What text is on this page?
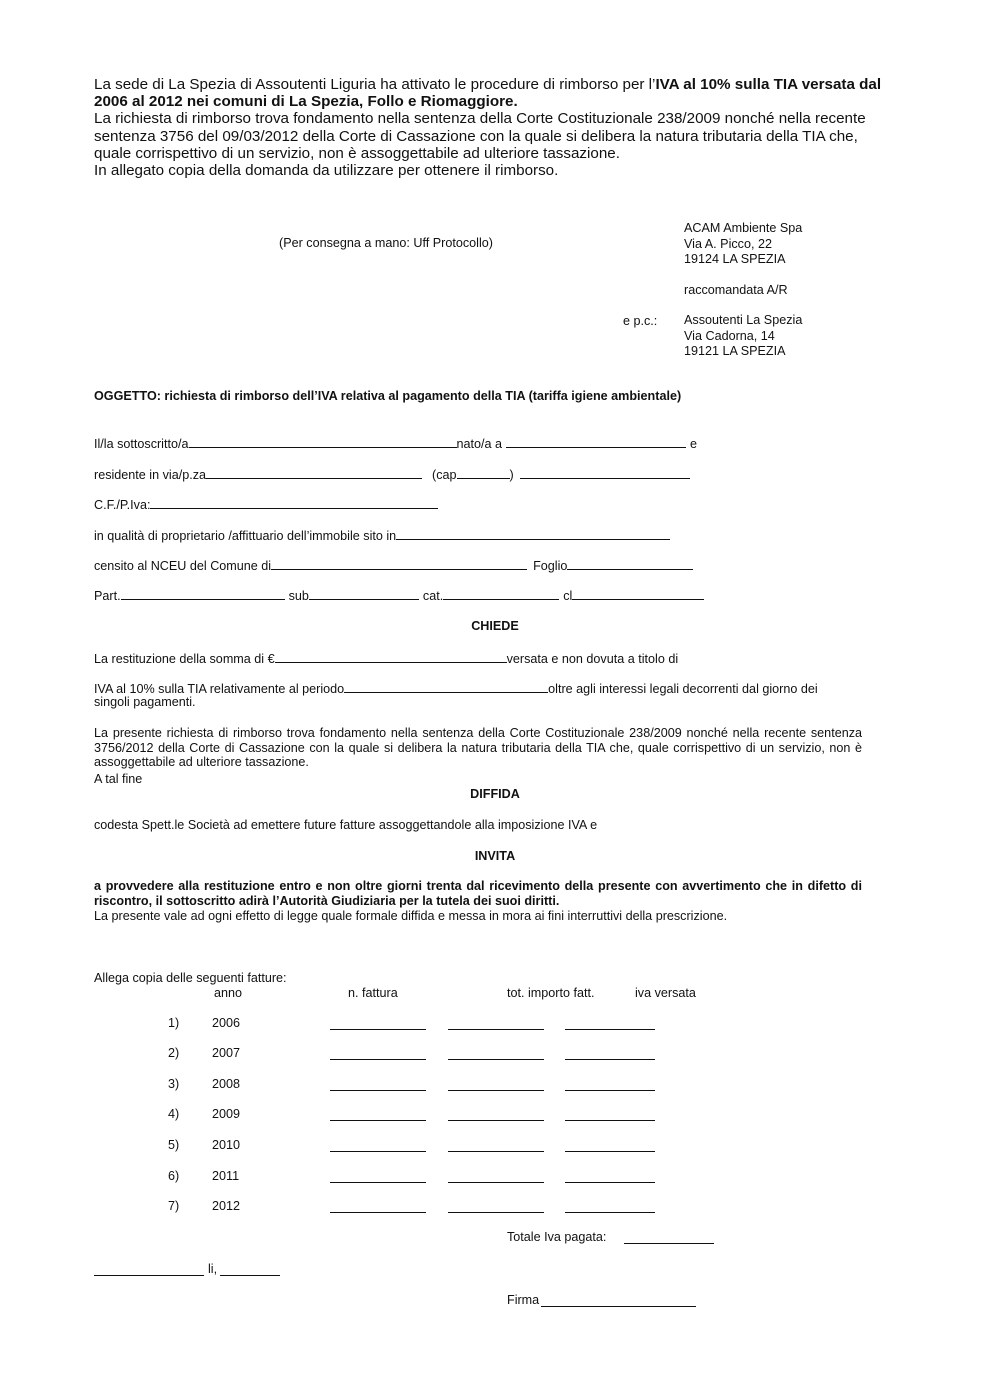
La sede di La Spezia di Assoutenti Liguria ha attivato le procedure di rimborso per l’IVA al 10% sulla TIA versata dal 2006 al 2012 nei comuni di La Spezia, Follo e Riomaggiore.

La richiesta di rimborso trova fondamento nella sentenza della Corte Costituzionale 238/2009 nonché nella recente sentenza 3756 del 09/03/2012 della Corte di Cassazione con la quale si delibera la natura tributaria della TIA che, quale corrispettivo di un servizio, non è assoggettabile ad ulteriore tassazione.

In allegato copia della domanda da utilizzare per ottenere il rimborso.

(Per consegna a mano: Uff Protocollo)
ACAM Ambiente Spa
Via A. Picco, 22
19124 LA SPEZIA
raccomandata A/R
e p.c.: Assoutenti La Spezia
Via Cadorna, 14
19121 LA SPEZIA
OGGETTO: richiesta di rimborso dell’IVA relativa al pagamento della TIA (tariffa igiene ambientale)
Il/la sottoscritto/a	nato/a a	e
residente in via/p.za	(cap	)
C.F./P.Iva:
in qualità di proprietario /affittuario dell’immobile sito in
censito al NCEU del Comune di	Foglio
Part.	sub	cat.	cl
CHIEDE
La restituzione della somma di €	versata e non dovuta a titolo di
IVA al 10% sulla TIA relativamente al periodo	oltre agli interessi legali decorrenti dal giorno dei
singoli pagamenti.
La presente richiesta di rimborso trova fondamento nella sentenza della Corte Costituzionale 238/2009 nonché nella recente sentenza 3756/2012 della Corte di Cassazione con la quale si delibera la natura tributaria della TIA che, quale corrispettivo di un servizio, non è assoggettabile ad ulteriore tassazione.
A tal fine
DIFFIDA
codesta Spett.le Società ad emettere future fatture assoggettandole alla imposizione IVA e
INVITA
a provvedere alla restituzione entro e non oltre giorni trenta dal ricevimento della presente con avvertimento che in difetto di riscontro, il sottoscritto adirà l’Autorità Giudiziaria per la tutela dei suoi diritti.
La presente vale ad ogni effetto di legge quale formale diffida e messa in mora ai fini interruttivi della prescrizione.
Allega copia delle seguenti fatture:
anno	n. fattura	tot. importo fatt.	iva versata
1)	2006
2)	2007
3)	2008
4)	2009
5)	2010
6)	2011
7)	2012
Totale Iva pagata:
li,
Firma
